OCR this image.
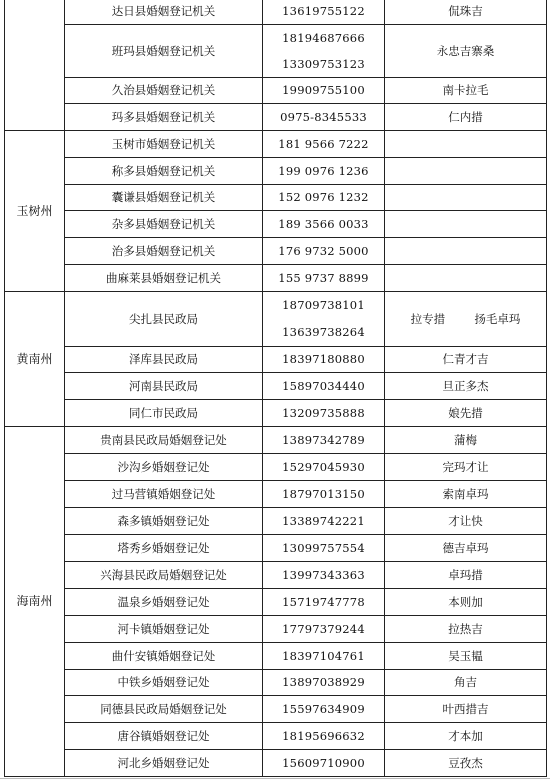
	达日县婚姻登记机关	13619755122	侃珠吉
	班玛县婚姻登记机关	18194687666
13309753123	永忠吉寨桑
	久治县婚姻登记机关	19909755100	南卡拉毛
	玛多县婚姻登记机关	0975-8345533	仁内措
玉树州	玉树市婚姻登记机关	181 9566 7222	
	称多县婚姻登记机关	199 0976 1236	
	囊谦县婚姻登记机关	152 0976 1232	
	杂多县婚姻登记机关	189 3566 0033	
	治多县婚姻登记机关	176 9732 5000	
	曲麻莱县婚姻登记机关	155 9737 8899	
黄南州	尖扎县民政局	18709738101
13639738264	拉专措 扬毛卓玛
	泽库县民政局	18397180880	仁青才吉
	河南县民政局	15897034440	旦正多杰
	同仁市民政局	13209735888	娘先措
海南州	贵南县民政局婚姻登记处	13897342789	蒲梅
	沙沟乡婚姻登记处	15297045930	完玛才让
	过马营镇婚姻登记处	18797013150	索南卓玛
	森多镇婚姻登记处	13389742221	才让快
	塔秀乡婚姻登记处	13099757554	德吉卓玛
	兴海县民政局婚姻登记处	13997343363	卓玛措
	温泉乡婚姻登记处	15719747778	本则加
	河卡镇婚姻登记处	17797379244	拉热吉
	曲什安镇婚姻登记处	18397104761	吴玉韫
	中铁乡婚姻登记处	13897038929	角吉
	同德县民政局婚姻登记处	15597634909	叶西措吉
	唐谷镇婚姻登记处	18195696632	才本加
	河北乡婚姻登记处	15609710900	豆孜杰
